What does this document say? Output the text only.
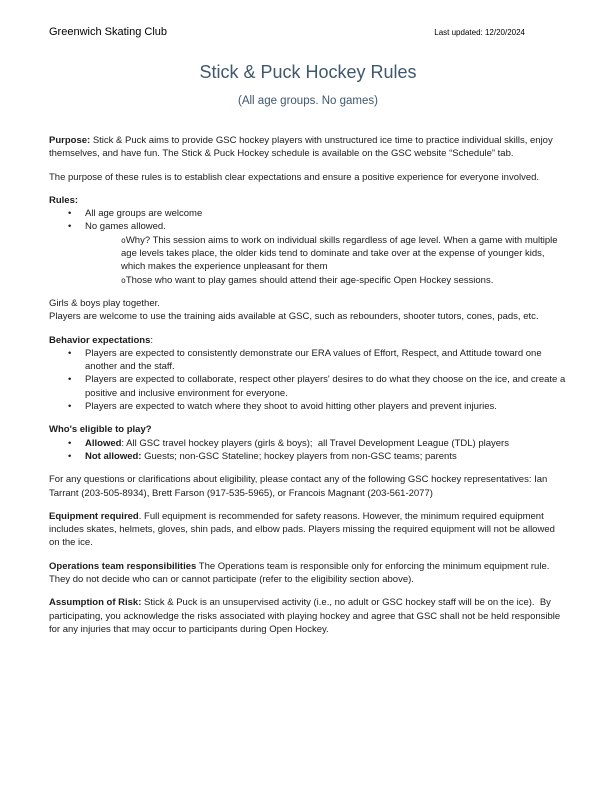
Greenwich Skating Club	Last updated: 12/20/2024
Stick & Puck Hockey Rules
(All age groups. No games)

Purpose: Stick & Puck aims to provide GSC hockey players with unstructured ice time to practice individual skills, enjoy themselves, and have fun. The Stick & Puck Hockey schedule is available on the GSC website “Schedule” tab.

The purpose of these rules is to establish clear expectations and ensure a positive experience for everyone involved.

Rules:

• All age groups are welcome
• No games allowed.
o Why? This session aims to work on individual skills regardless of age level. When a game with multiple age levels takes place, the older kids tend to dominate and take over at the expense of younger kids, which makes the experience unpleasant for them
o Those who want to play games should attend their age-specific Open Hockey sessions.

Girls & boys play together.

Players are welcome to use the training aids available at GSC, such as rebounders, shooter tutors, cones, pads, etc.

Behavior expectations:

• Players are expected to consistently demonstrate our ERA values of Effort, Respect, and Attitude toward one another and the staff.
• Players are expected to collaborate, respect other players' desires to do what they choose on the ice, and create a positive and inclusive environment for everyone.
• Players are expected to watch where they shoot to avoid hitting other players and prevent injuries.

Who's eligible to play?

• Allowed: All GSC travel hockey players (girls & boys);  all Travel Development League (TDL) players
• Not allowed: Guests; non-GSC Stateline; hockey players from non-GSC teams; parents

For any questions or clarifications about eligibility, please contact any of the following GSC hockey representatives: Ian Tarrant (203-505-8934), Brett Farson (917-535-5965), or Francois Magnant (203-561-2077)

Equipment required. Full equipment is recommended for safety reasons. However, the minimum required equipment includes skates, helmets, gloves, shin pads, and elbow pads. Players missing the required equipment will not be allowed on the ice.

Operations team responsibilities The Operations team is responsible only for enforcing the minimum equipment rule. They do not decide who can or cannot participate (refer to the eligibility section above).

Assumption of Risk: Stick & Puck is an unsupervised activity (i.e., no adult or GSC hockey staff will be on the ice).  By participating, you acknowledge the risks associated with playing hockey and agree that GSC shall not be held responsible for any injuries that may occur to participants during Open Hockey.
